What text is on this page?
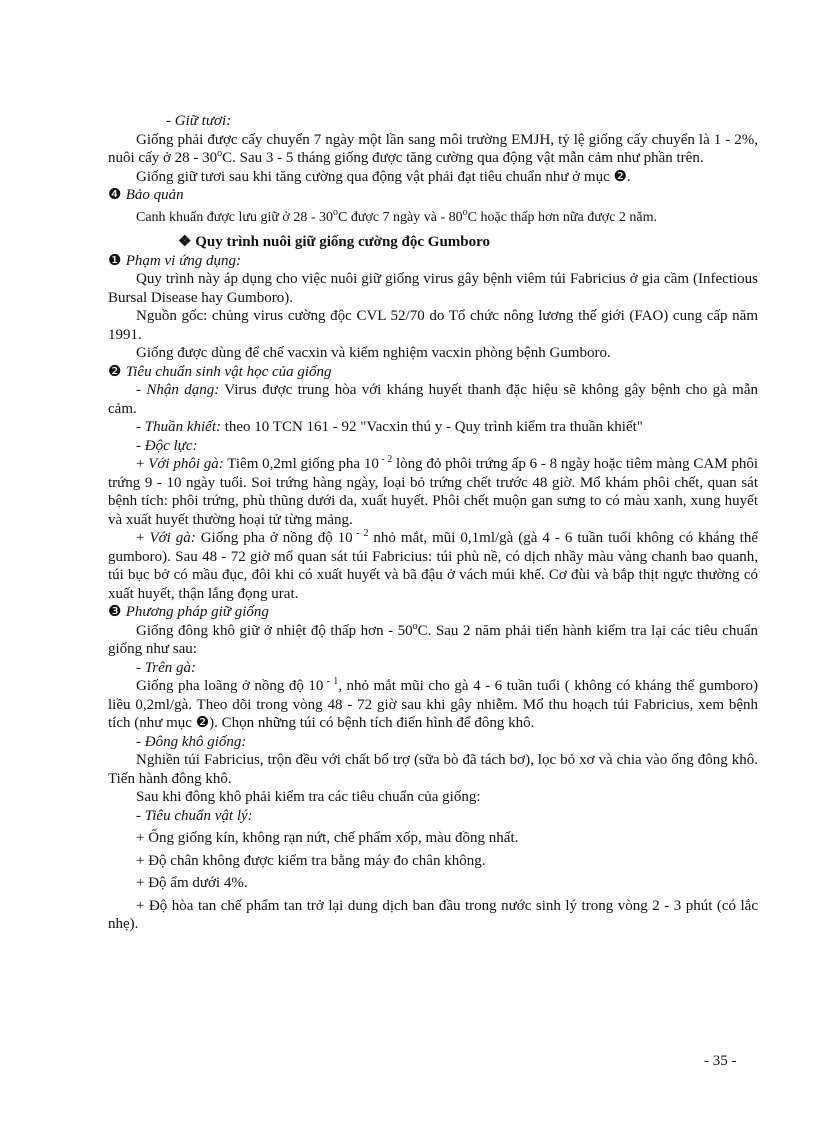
- Giữ tươi:

Giống phải được cấy chuyển 7 ngày một lần sang môi trường EMJH, tỷ lệ giống cấy chuyển là 1 - 2%, nuôi cấy ở 28 - 30$^o$C. Sau 3 - 5 tháng giống được tăng cường qua động vật mẫn cảm như phần trên.

Giống giữ tươi sau khi tăng cường qua động vật phải đạt tiêu chuẩn như ở mục ❷.

❹ Bảo quản

Canh khuẩn được lưu giữ ở 28 - 30$^o$C được 7 ngày và - 80$^o$C hoặc thấp hơn nữa được 2 năm.

❖ Quy trình nuôi giữ giống cường độc Gumboro

❶ Phạm vi ứng dụng:

Quy trình này áp dụng cho việc nuôi giữ giống virus gây bệnh viêm túi Fabricius ở gia cầm (Infectious Bursal Disease hay Gumboro).

Nguồn gốc: chủng virus cường độc CVL 52/70 do Tổ chức nông lương thế giới (FAO) cung cấp năm 1991.

Giống được dùng để chế vacxin và kiểm nghiệm vacxin phòng bệnh Gumboro.

❷ Tiêu chuẩn sinh vật học của giống

- Nhận dạng: Virus được trung hòa với kháng huyết thanh đặc hiệu sẽ không gây bệnh cho gà mẫn cảm.

- Thuần khiết: theo 10 TCN 161 - 92 "Vacxin thú y - Quy trình kiểm tra thuần khiết"

- Độc lực:

+ Với phôi gà: Tiêm 0,2ml giống pha 10 $^{- 2}$ lòng đỏ phôi trứng ấp 6 - 8 ngày hoặc tiêm màng CAM phôi trứng 9 - 10 ngày tuổi. Soi trứng hàng ngày, loại bỏ trứng chết trước 48 giờ. Mổ khám phôi chết, quan sát bệnh tích: phôi trứng, phù thũng dưới da, xuất huyết. Phôi chết muộn gan sưng to có màu xanh, xung huyết và xuất huyết thường hoại tử từng mảng.

+ Với gà: Giống pha ở nồng độ 10 $^{- 2}$ nhỏ mắt, mũi 0,1ml/gà (gà 4 - 6 tuần tuổi không có kháng thể gumboro). Sau 48 - 72 giờ mổ quan sát túi Fabricius: túi phù nề, có dịch nhầy màu vàng chanh bao quanh, túi bục bở có mầu đục, đôi khi có xuất huyết và bã đậu ở vách múi khế. Cơ đùi và bắp thịt ngực thường có xuất huyết, thận lắng đọng urat.

❸ Phương pháp giữ giống

Giống đông khô giữ ở nhiệt độ thấp hơn - 50$^o$C. Sau 2 năm phải tiến hành kiểm tra lại các tiêu chuẩn giống như sau:

- Trên gà:

Giống pha loãng ở nồng độ 10 $^{- 1}$, nhỏ mắt mũi cho gà 4 - 6 tuần tuổi ( không có kháng thể gumboro) liều 0,2ml/gà. Theo dõi trong vòng 48 - 72 giờ sau khi gây nhiễm. Mổ thu hoạch túi Fabricius, xem bệnh tích (như mục ❷). Chọn những túi có bệnh tích điển hình để đông khô.

- Đông khô giống:

Nghiền túi Fabricius, trộn đều với chất bổ trợ (sữa bò đã tách bơ), lọc bỏ xơ và chia vào ống đông khô. Tiến hành đông khô.

Sau khi đông khô phải kiểm tra các tiêu chuẩn của giống:

- Tiêu chuẩn vật lý:

+ Ống giống kín, không rạn nứt, chế phẩm xốp, màu đồng nhất.

+ Độ chân không được kiểm tra bằng máy đo chân không.

+ Độ ẩm dưới 4%.

+ Độ hòa tan chế phẩm tan trở lại dung dịch ban đầu trong nước sinh lý trong vòng 2 - 3 phút (có lắc nhẹ).

- 35 -
